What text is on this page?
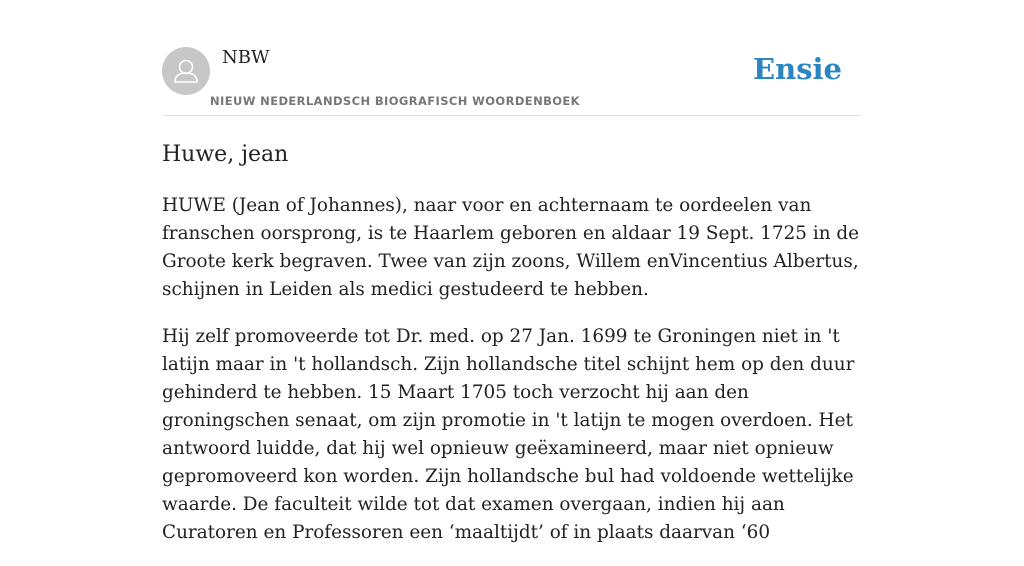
NBW
NIEUW NEDERLANDSCH BIOGRAFISCH WOORDENBOEK
Ensie
Huwe, jean

HUWE (Jean of Johannes), naar voor en achternaam te oordeelen van franschen oorsprong, is te Haarlem geboren en aldaar 19 Sept. 1725 in de Groote kerk begraven. Twee van zijn zoons, Willem enVincentius Albertus, schijnen in Leiden als medici gestudeerd te hebben.

Hij zelf promoveerde tot Dr. med. op 27 Jan. 1699 te Groningen niet in 't latijn maar in 't hollandsch. Zijn hollandsche titel schijnt hem op den duur gehinderd te hebben. 15 Maart 1705 toch verzocht hij aan den groningschen senaat, om zijn promotie in 't latijn te mogen overdoen. Het antwoord luidde, dat hij wel opnieuw geëxamineerd, maar niet opnieuw gepromoveerd kon worden. Zijn hollandsche bul had voldoende wettelijke waarde. De faculteit wilde tot dat examen overgaan, indien hij aan Curatoren en Professoren een ‘maaltijdt’ of in plaats daarvan ‘60
